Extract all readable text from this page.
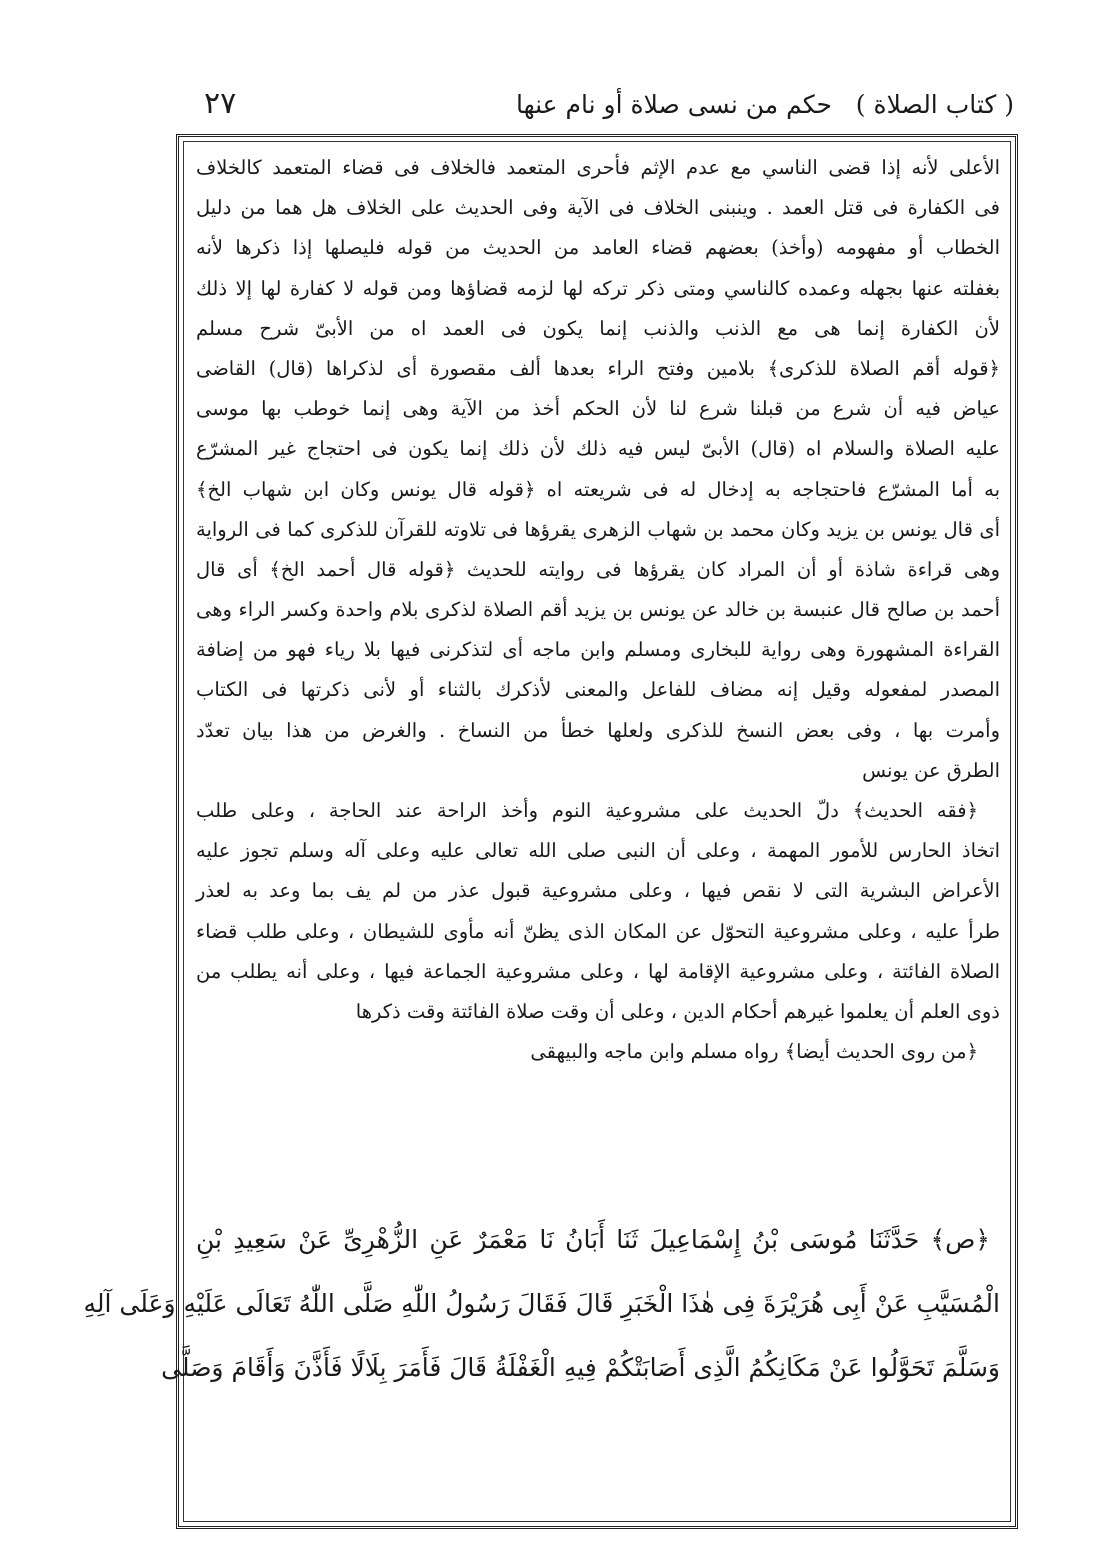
٢٧	حكم من نسى صلاة أو نام عنها ( كتاب الصلاة )
الأعلى لأنه إذا قضى الناسي مع عدم الإثم فأحرى المتعمد فالخلاف فى قضاء المتعمد كالخلاف
فى الكفارة فى قتل العمد . وينبنى الخلاف فى الآية وفى الحديث على الخلاف هل هما من دليل
الخطاب أو مفهومه (وأخذ) بعضهم قضاء العامد من الحديث من قوله فليصلها إذا ذكرها لأنه
بغفلته عنها بجهله وعمده كالناسي ومتى ذكر تركه لها لزمه قضاؤها ومن قوله لا كفارة لها إلا ذلك
لأن الكفارة إنما هى مع الذنب والذنب إنما يكون فى العمد اه من الأبىّ شرح مسلم
﴿قوله أقم الصلاة للذكرى﴾ بلامين وفتح الراء بعدها ألف مقصورة أى لذكراها (قال) القاضى
عياض فيه أن شرع من قبلنا شرع لنا لأن الحكم أخذ من الآية وهى إنما خوطب بها موسى
عليه الصلاة والسلام اه (قال) الأبىّ ليس فيه ذلك لأن ذلك إنما يكون فى احتجاج غير المشرّع
به أما المشرّع فاحتجاجه به إدخال له فى شريعته اه ﴿قوله قال يونس وكان ابن شهاب الخ﴾
أى قال يونس بن يزيد وكان محمد بن شهاب الزهرى يقرؤها فى تلاوته للقرآن للذكرى كما فى الرواية
وهى قراءة شاذة أو أن المراد كان يقرؤها فى روايته للحديث ﴿قوله قال أحمد الخ﴾ أى قال
أحمد بن صالح قال عنبسة بن خالد عن يونس بن يزيد أقم الصلاة لذكرى بلام واحدة وكسر الراء وهى
القراءة المشهورة وهى رواية للبخارى ومسلم وابن ماجه أى لتذكرنى فيها بلا رياء فهو من إضافة
المصدر لمفعوله وقيل إنه مضاف للفاعل والمعنى لأذكرك بالثناء أو لأنى ذكرتها فى الكتاب
وأمرت بها ، وفى بعض النسخ للذكرى ولعلها خطأ من النساخ . والغرض من هذا بيان تعدّد
الطرق عن يونس
﴿فقه الحديث﴾ دلّ الحديث على مشروعية النوم وأخذ الراحة عند الحاجة ، وعلى طلب
اتخاذ الحارس للأمور المهمة ، وعلى أن النبى صلى الله تعالى عليه وعلى آله وسلم تجوز عليه
الأعراض البشرية التى لا نقص فيها ، وعلى مشروعية قبول عذر من لم يف بما وعد به لعذر
طرأ عليه ، وعلى مشروعية التحوّل عن المكان الذى يظنّ أنه مأوى للشيطان ، وعلى طلب قضاء
الصلاة الفائتة ، وعلى مشروعية الإقامة لها ، وعلى مشروعية الجماعة فيها ، وعلى أنه يطلب من
ذوى العلم أن يعلموا غيرهم أحكام الدين ، وعلى أن وقت صلاة الفائتة وقت ذكرها
﴿من روى الحديث أيضا﴾ رواه مسلم وابن ماجه والبيهقى
﴿ص﴾ حَدَّثَنَا مُوسَى بْنُ إِسْمَاعِيلَ ثَنَا أَبَانُ نَا مَعْمَرٌ عَنِ الزُّهْرِىِّ عَنْ سَعِيدِ بْنِ
الْمُسَيَّبِ عَنْ أَبِى هُرَيْرَةَ فِى هٰذَا الْخَبَرِ قَالَ فَقَالَ رَسُولُ اللّٰهِ صَلَّى اللّٰهُ تَعَالَى عَلَيْهِ وَعَلَى آلِهِ
وَسَلَّمَ تَحَوَّلُوا عَنْ مَكَانِكُمُ الَّذِى أَصَابَتْكُمْ فِيهِ الْغَفْلَةُ قَالَ فَأَمَرَ بِلَالًا فَأَذَّنَ وَأَقَامَ وَصَلَّى
